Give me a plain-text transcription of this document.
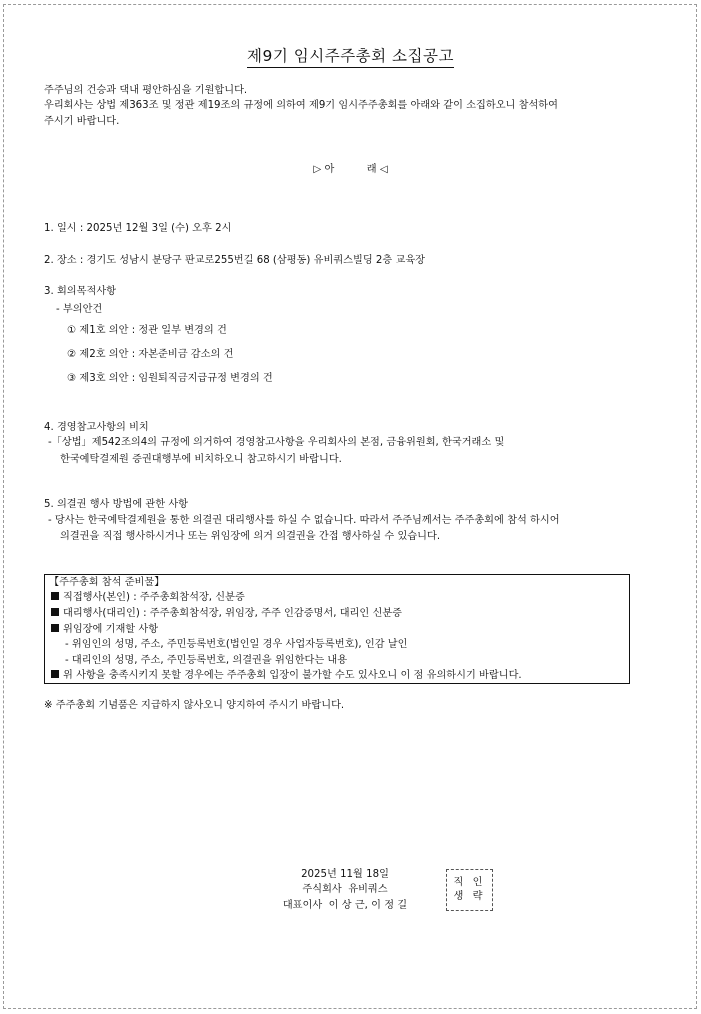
제9기 임시주주총회 소집공고
주주님의 건승과 댁내 평안하심을 기원합니다.
우리회사는 상법 제363조 및 정관 제19조의 규정에 의하여 제9기 임시주주총회를 아래와 같이 소집하오니 참석하여
주시기 바랍니다.
▷ 아          래 ◁
1. 일시 : 2025년 12월 3일 (수) 오후 2시
2. 장소 : 경기도 성남시 분당구 판교로255번길 68 (삼평동) 유비쿼스빌딩 2층 교육장
3. 회의목적사항
- 부의안건
① 제1호 의안 : 정관 일부 변경의 건
② 제2호 의안 : 자본준비금 감소의 건
③ 제3호 의안 : 임원퇴직금지급규정 변경의 건
4. 경영참고사항의 비치
-「상법」제542조의4의 규정에 의거하여 경영참고사항을 우리회사의 본점, 금융위원회, 한국거래소 및
한국예탁결제원 증권대행부에 비치하오니 참고하시기 바랍니다.
5. 의결권 행사 방법에 관한 사항
- 당사는 한국예탁결제원을 통한 의결권 대리행사를 하실 수 없습니다. 따라서 주주님께서는 주주총회에 참석 하시어
의결권을 직접 행사하시거나 또는 위임장에 의거 의결권을 간접 행사하실 수 있습니다.
【주주총회 참석 준비물】
직접행사(본인) : 주주총회참석장, 신분증
대리행사(대리인) : 주주총회참석장, 위임장, 주주 인감증명서, 대리인 신분증
위임장에 기재할 사항
- 위임인의 성명, 주소, 주민등록번호(법인일 경우 사업자등록번호), 인감 날인
- 대리인의 성명, 주소, 주민등록번호, 의결권을 위임한다는 내용
위 사항을 충족시키지 못할 경우에는 주주총회 입장이 불가할 수도 있사오니 이 점 유의하시기 바랍니다.
※ 주주총회 기념품은 지급하지 않사오니 양지하여 주시기 바랍니다.
2025년 11월 18일
주식회사  유비쿼스
대표이사  이 상 근, 이 정 길
직 인
생 략
